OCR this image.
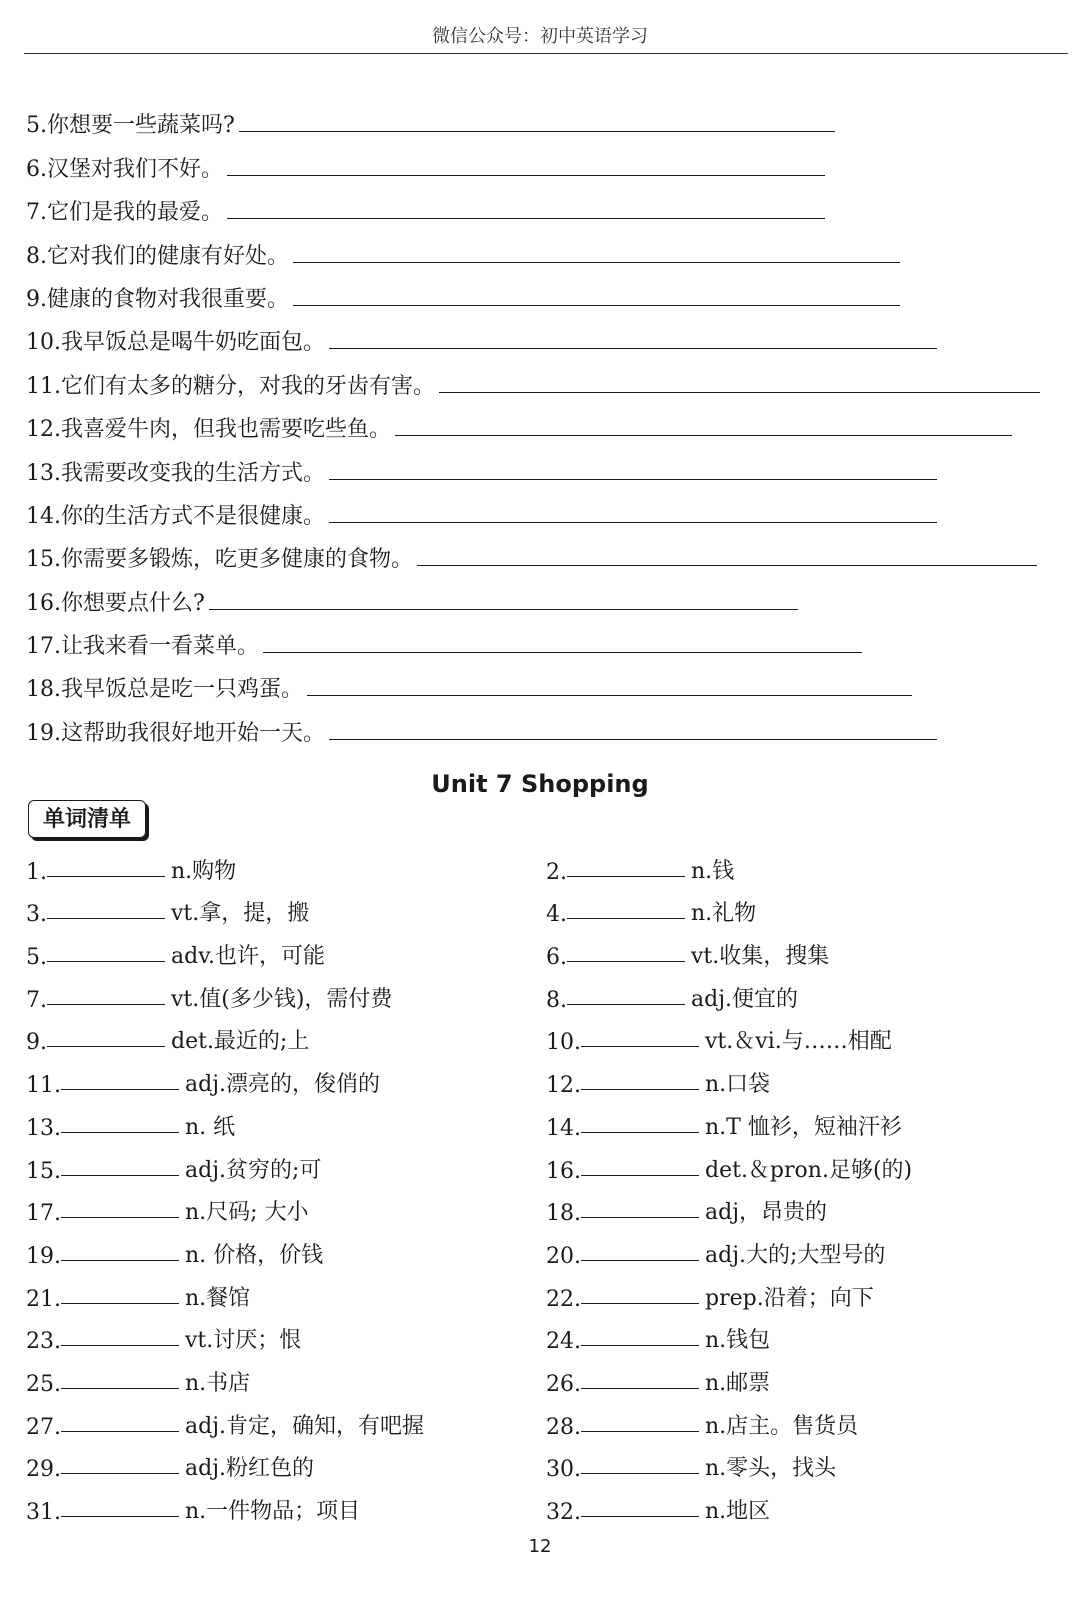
微信公众号：初中英语学习
5.你想要一些蔬菜吗?
6.汉堡对我们不好。
7.它们是我的最爱。
8.它对我们的健康有好处。
9.健康的食物对我很重要。
10.我早饭总是喝牛奶吃面包。
11.它们有太多的糖分，对我的牙齿有害。
12.我喜爱牛肉，但我也需要吃些鱼。
13.我需要改变我的生活方式。
14.你的生活方式不是很健康。
15.你需要多锻炼，吃更多健康的食物。
16.你想要点什么?
17.让我来看一看菜单。
18.我早饭总是吃一只鸡蛋。
19.这帮助我很好地开始一天。
Unit 7 Shopping
单词清单
1.	n.购物	2.	n.钱
3.	vt.拿，提，搬	4.	n.礼物
5.	adv.也许，可能	6.	vt.收集，搜集
7.	vt.值(多少钱)，需付费	8.	adj.便宜的
9.	det.最近的;上	10.	vt.＆vi.与……相配
11.	adj.漂亮的，俊俏的	12.	n.口袋
13.	n. 纸	14.	n.T 恤衫，短袖汗衫
15.	adj.贫穷的;可	16.	det.＆pron.足够(的)
17.	n.尺码; 大小	18.	adj，昂贵的
19.	n. 价格，价钱	20.	adj.大的;大型号的
21.	n.餐馆	22.	prep.沿着；向下
23.	vt.讨厌；恨	24.	n.钱包
25.	n.书店	26.	n.邮票
27.	adj.肯定，确知，有吧握	28.	n.店主。售货员
29.	adj.粉红色的	30.	n.零头，找头
31.	n.一件物品；项目	32.	n.地区
12
